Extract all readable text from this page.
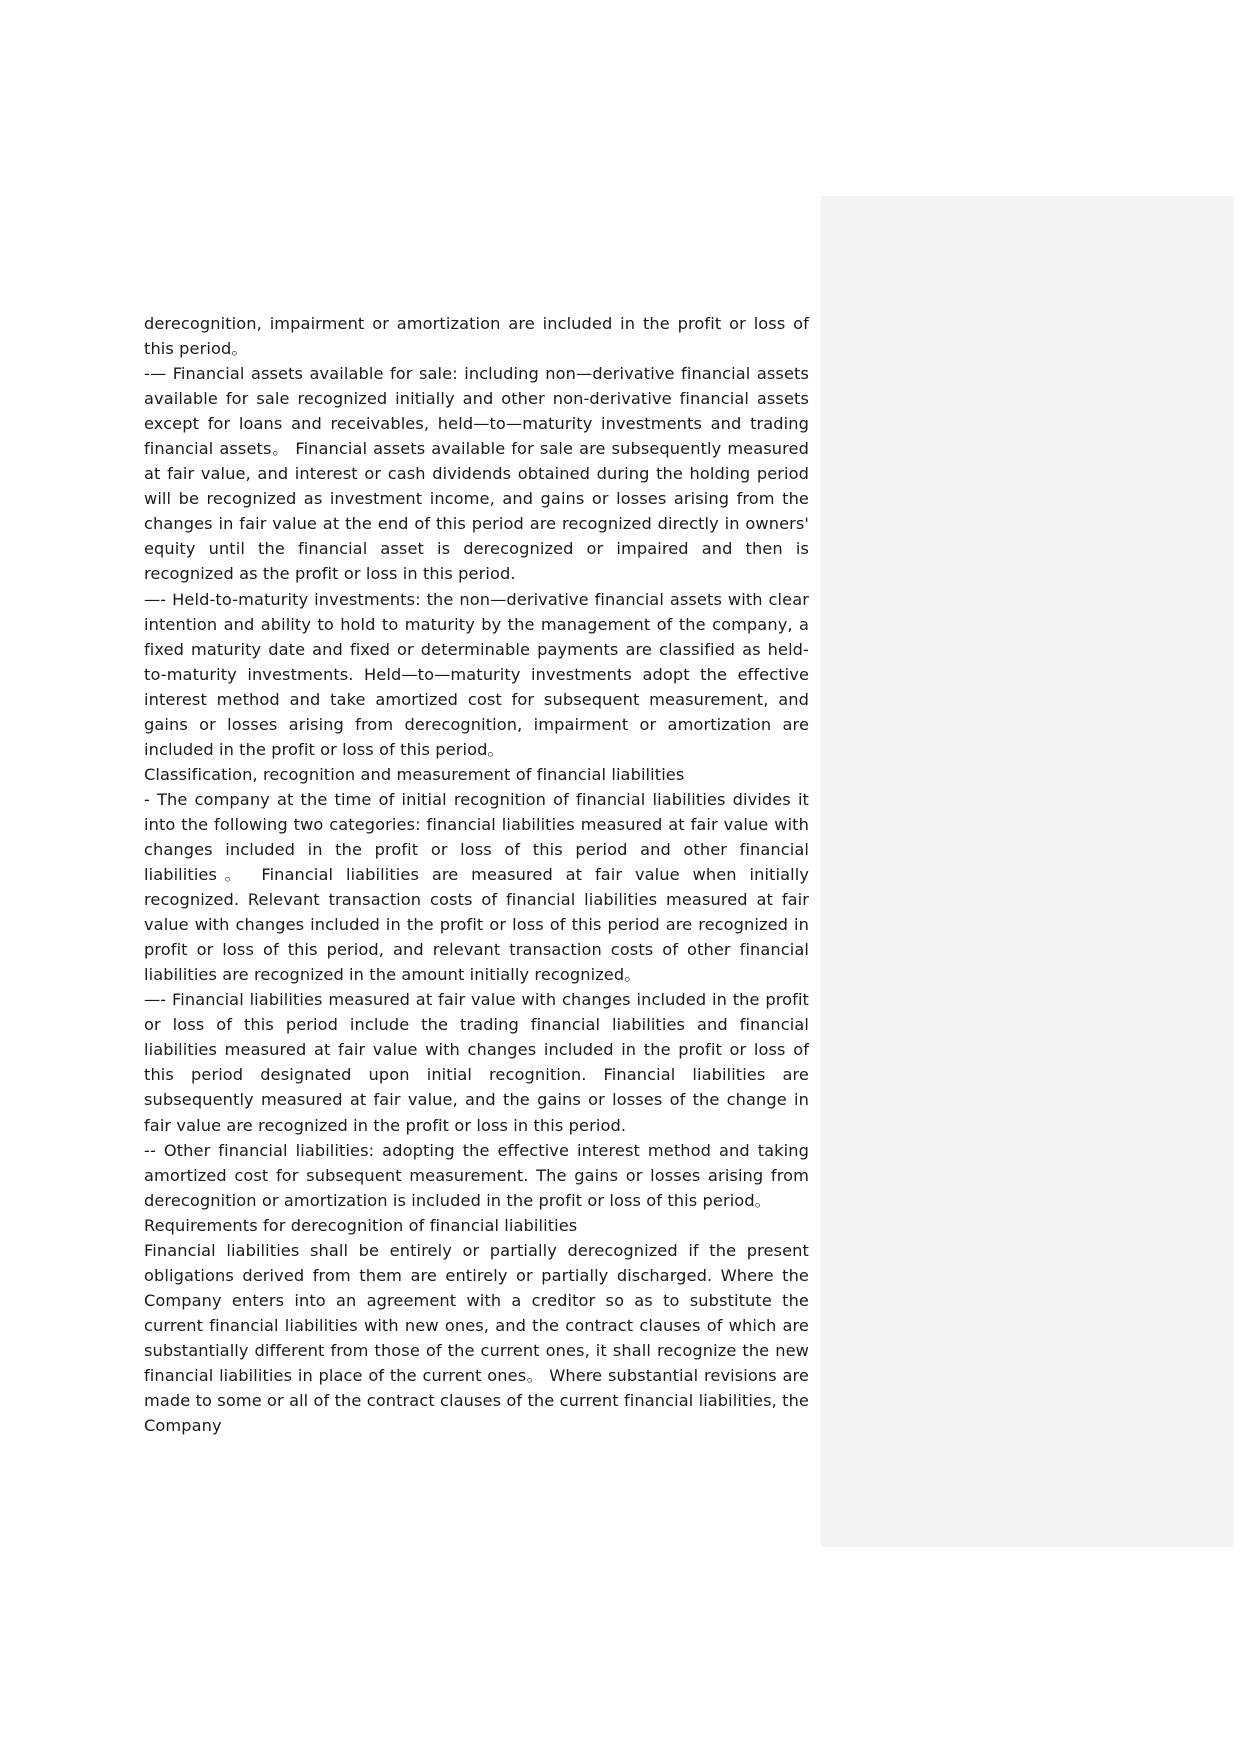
derecognition, impairment or amortization are included in the profit or loss of this period。

-— Financial assets available for sale: including non—derivative financial assets available for sale recognized initially and other non-derivative financial assets except for loans and receivables, held—to—maturity investments and trading financial assets。 Financial assets available for sale are subsequently measured at fair value, and interest or cash dividends obtained during the holding period will be recognized as investment income, and gains or losses arising from the changes in fair value at the end of this period are recognized directly in owners' equity until the financial asset is derecognized or impaired and then is recognized as the profit or loss in this period.

—- Held-to-maturity investments: the non—derivative financial assets with clear intention and ability to hold to maturity by the management of the company, a fixed maturity date and fixed or determinable payments are classified as held-to-maturity investments. Held—to—maturity investments adopt the effective interest method and take amortized cost for subsequent measurement, and gains or losses arising from derecognition, impairment or amortization are included in the profit or loss of this period。

Classification, recognition and measurement of financial liabilities

- The company at the time of initial recognition of financial liabilities divides it into the following two categories: financial liabilities measured at fair value with changes included in the profit or loss of this period and other financial liabilities。 Financial liabilities are measured at fair value when initially recognized. Relevant transaction costs of financial liabilities measured at fair value with changes included in the profit or loss of this period are recognized in profit or loss of this period, and relevant transaction costs of other financial liabilities are recognized in the amount initially recognized。

—- Financial liabilities measured at fair value with changes included in the profit or loss of this period include the trading financial liabilities and financial liabilities measured at fair value with changes included in the profit or loss of this period designated upon initial recognition. Financial liabilities are subsequently measured at fair value, and the gains or losses of the change in fair value are recognized in the profit or loss in this period.

-- Other financial liabilities: adopting the effective interest method and taking amortized cost for subsequent measurement. The gains or losses arising from derecognition or amortization is included in the profit or loss of this period。

Requirements for derecognition of financial liabilities

Financial liabilities shall be entirely or partially derecognized if the present obligations derived from them are entirely or partially discharged. Where the Company enters into an agreement with a creditor so as to substitute the current financial liabilities with new ones, and the contract clauses of which are substantially different from those of the current ones, it shall recognize the new financial liabilities in place of the current ones。 Where substantial revisions are made to some or all of the contract clauses of the current financial liabilities, the Company
